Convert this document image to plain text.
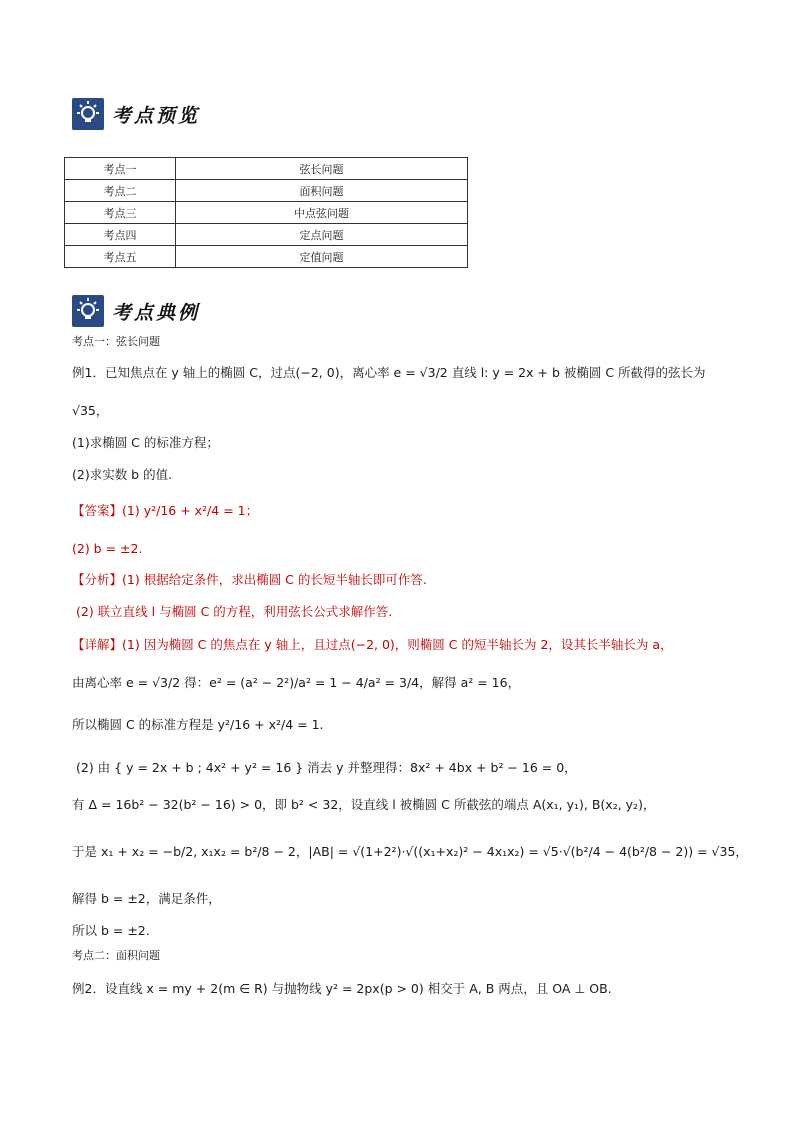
考点预览
考点一	弦长问题
考点二	面积问题
考点三	中点弦问题
考点四	定点问题
考点五	定值问题
考点典例
考点一：弦长问题
例1．已知焦点在 y 轴上的椭圆 C，过点(−2, 0)，离心率 e = √3/2 直线 l: y = 2x + b 被椭圆 C 所截得的弦长为
√35，
(1)求椭圆 C 的标准方程；
(2)求实数 b 的值.
【答案】(1) y²/16 + x²/4 = 1；
(2) b = ±2.
【分析】(1) 根据给定条件，求出椭圆 C 的长短半轴长即可作答.
(2) 联立直线 l 与椭圆 C 的方程，利用弦长公式求解作答.
【详解】(1) 因为椭圆 C 的焦点在 y 轴上，且过点(−2, 0)，则椭圆 C 的短半轴长为 2，设其长半轴长为 a，
由离心率 e = √3/2 得：e² = (a² − 2²)/a² = 1 − 4/a² = 3/4，解得 a² = 16，
所以椭圆 C 的标准方程是 y²/16 + x²/4 = 1.
(2) 由 { y = 2x + b ; 4x² + y² = 16 } 消去 y 并整理得：8x² + 4bx + b² − 16 = 0，
有 Δ = 16b² − 32(b² − 16) > 0，即 b² < 32，设直线 l 被椭圆 C 所截弦的端点 A(x₁, y₁), B(x₂, y₂)，
于是 x₁ + x₂ = −b/2, x₁x₂ = b²/8 − 2，|AB| = √(1+2²)·√((x₁+x₂)² − 4x₁x₂) = √5·√(b²/4 − 4(b²/8 − 2)) = √35，
解得 b = ±2，满足条件，
所以 b = ±2.
考点二：面积问题
例2．设直线 x = my + 2(m ∈ R) 与抛物线 y² = 2px(p > 0) 相交于 A, B 两点，且 OA ⊥ OB.
